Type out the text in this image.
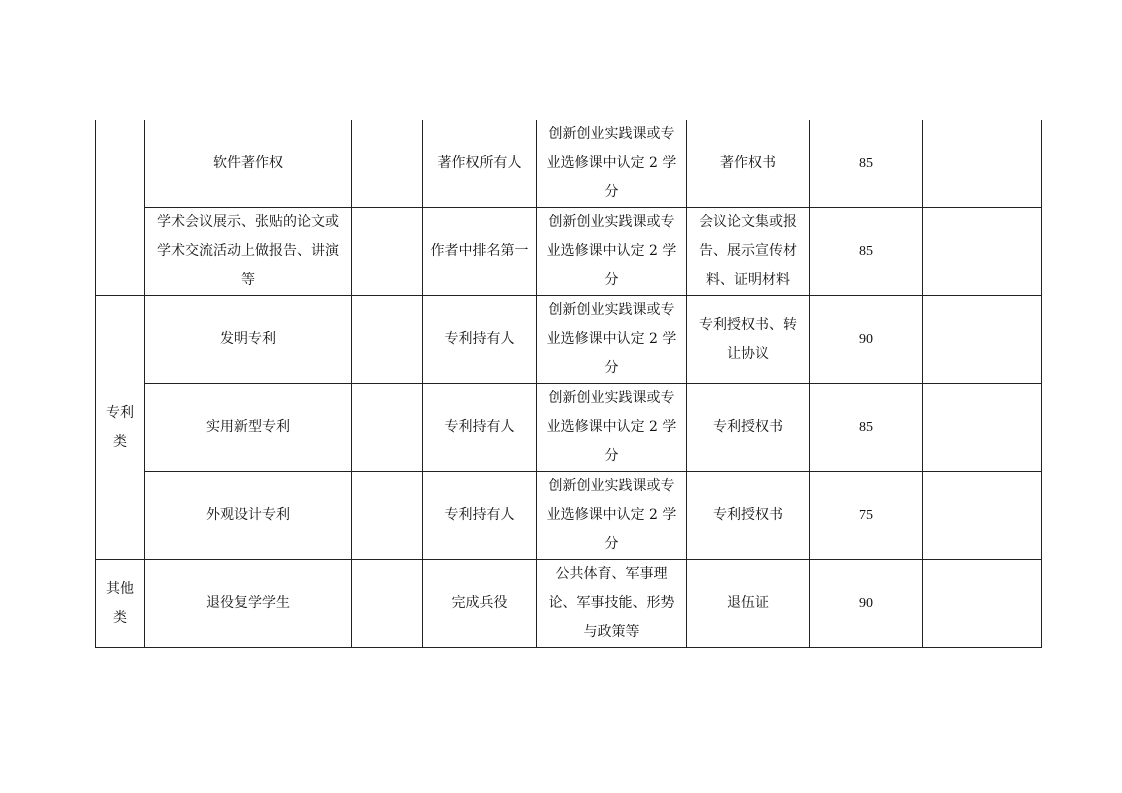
	软件著作权		著作权所有人	创新创业实践课或专业选修课中认定 2 学分	著作权书	85	
	学术会议展示、张贴的论文或学术交流活动上做报告、讲演等		作者中排名第一	创新创业实践课或专业选修课中认定 2 学分	会议论文集或报告、展示宣传材料、证明材料	85	
专利类	发明专利		专利持有人	创新创业实践课或专业选修课中认定 2 学分	专利授权书、转让协议	90	
	实用新型专利		专利持有人	创新创业实践课或专业选修课中认定 2 学分	专利授权书	85	
	外观设计专利		专利持有人	创新创业实践课或专业选修课中认定 2 学分	专利授权书	75	
其他类	退役复学学生		完成兵役	公共体育、军事理论、军事技能、形势与政策等	退伍证	90	
